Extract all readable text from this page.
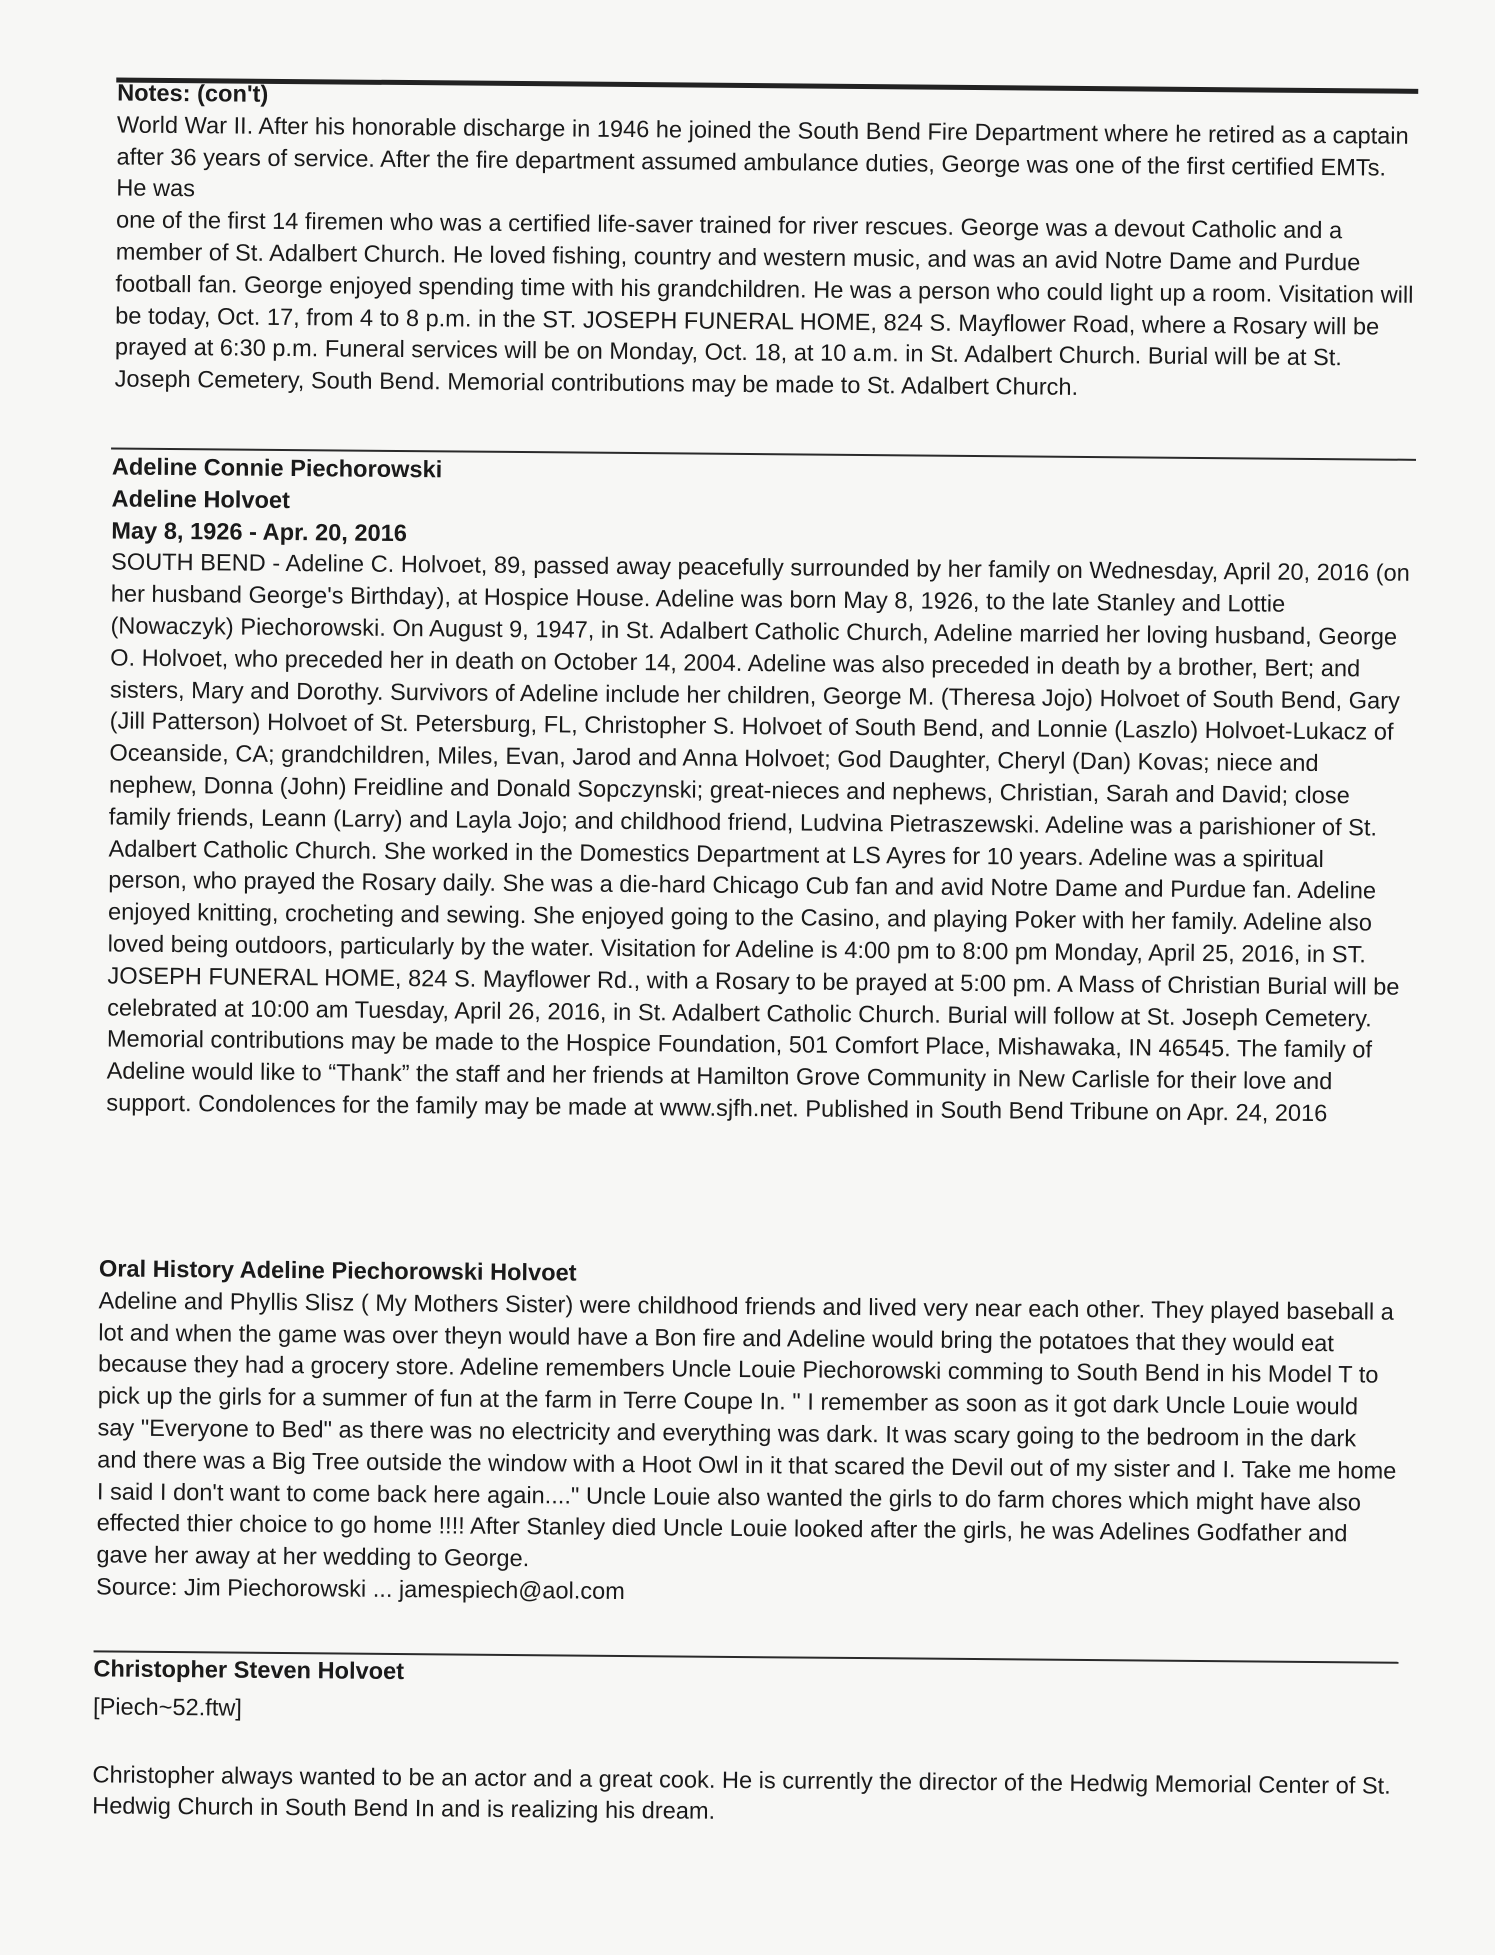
Notes: (con't)
World War II. After his honorable discharge in 1946 he joined the South Bend Fire Department where he retired as a captain after 36 years of service. After the fire department assumed ambulance duties, George was one of the first certified EMTs. He was
one of the first 14 firemen who was a certified life-saver trained for river rescues. George was a devout Catholic and a member of St. Adalbert Church. He loved fishing, country and western music, and was an avid Notre Dame and Purdue football fan. George enjoyed spending time with his grandchildren. He was a person who could light up a room. Visitation will be today, Oct. 17, from 4 to 8 p.m. in the ST. JOSEPH FUNERAL HOME, 824 S. Mayflower Road, where a Rosary will be prayed at 6:30 p.m. Funeral services will be on Monday, Oct. 18, at 10 a.m. in St. Adalbert Church. Burial will be at St. Joseph Cemetery, South Bend. Memorial contributions may be made to St. Adalbert Church.
Adeline Connie Piechorowski
Adeline Holvoet
May 8, 1926 - Apr. 20, 2016
SOUTH BEND - Adeline C. Holvoet, 89, passed away peacefully surrounded by her family on Wednesday, April 20, 2016 (on her husband George's Birthday), at Hospice House. Adeline was born May 8, 1926, to the late Stanley and Lottie (Nowaczyk) Piechorowski. On August 9, 1947, in St. Adalbert Catholic Church, Adeline married her loving husband, George O. Holvoet, who preceded her in death on October 14, 2004. Adeline was also preceded in death by a brother, Bert; and sisters, Mary and Dorothy. Survivors of Adeline include her children, George M. (Theresa Jojo) Holvoet of South Bend, Gary (Jill Patterson) Holvoet of St. Petersburg, FL, Christopher S. Holvoet of South Bend, and Lonnie (Laszlo) Holvoet-Lukacz of Oceanside, CA; grandchildren, Miles, Evan, Jarod and Anna Holvoet; God Daughter, Cheryl (Dan) Kovas; niece and nephew, Donna (John) Freidline and Donald Sopczynski; great-nieces and nephews, Christian, Sarah and David; close family friends, Leann (Larry) and Layla Jojo; and childhood friend, Ludvina Pietraszewski. Adeline was a parishioner of St. Adalbert Catholic Church. She worked in the Domestics Department at LS Ayres for 10 years. Adeline was a spiritual person, who prayed the Rosary daily. She was a die-hard Chicago Cub fan and avid Notre Dame and Purdue fan. Adeline enjoyed knitting, crocheting and sewing. She enjoyed going to the Casino, and playing Poker with her family. Adeline also loved being outdoors, particularly by the water. Visitation for Adeline is 4:00 pm to 8:00 pm Monday, April 25, 2016, in ST. JOSEPH FUNERAL HOME, 824 S. Mayflower Rd., with a Rosary to be prayed at 5:00 pm. A Mass of Christian Burial will be celebrated at 10:00 am Tuesday, April 26, 2016, in St. Adalbert Catholic Church. Burial will follow at St. Joseph Cemetery. Memorial contributions may be made to the Hospice Foundation, 501 Comfort Place, Mishawaka, IN 46545. The family of Adeline would like to “Thank” the staff and her friends at Hamilton Grove Community in New Carlisle for their love and support. Condolences for the family may be made at www.sjfh.net. Published in South Bend Tribune on Apr. 24, 2016
Oral History Adeline Piechorowski Holvoet
Adeline and Phyllis Slisz ( My Mothers Sister) were childhood friends and lived very near each other. They played baseball a lot and when the game was over theyn would have a Bon fire and Adeline would bring the potatoes that they would eat because they had a grocery store. Adeline remembers Uncle Louie Piechorowski comming to South Bend in his Model T to pick up the girls for a summer of fun at the farm in Terre Coupe In. " I remember as soon as it got dark Uncle Louie would say "Everyone to Bed" as there was no electricity and everything was dark. It was scary going to the bedroom in the dark and there was a Big Tree outside the window with a Hoot Owl in it that scared the Devil out of my sister and I. Take me home I said I don't want to come back here again...." Uncle Louie also wanted the girls to do farm chores which might have also effected thier choice to go home !!!! After Stanley died Uncle Louie looked after the girls, he was Adelines Godfather and gave her away at her wedding to George.
Source: Jim Piechorowski ... jamespiech@aol.com
Christopher Steven Holvoet
[Piech~52.ftw]
Christopher always wanted to be an actor and a great cook. He is currently the director of the Hedwig Memorial Center of St. Hedwig Church in South Bend In and is realizing his dream.
